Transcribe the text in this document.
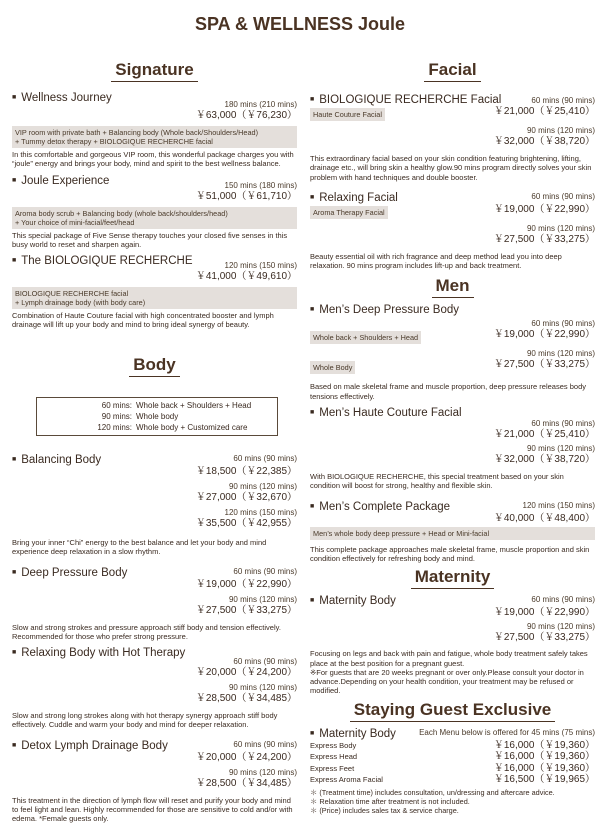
SPA & WELLNESS Joule
Signature
■ Wellness Journey
180 mins (210 mins)
￥63,000（￥76,230）
VIP room with private bath + Balancing body (Whole back/Shoulders/Head)
+ Tummy detox therapy + BIOLOGIQUE RECHERCHE facial
In this comfortable and gorgeous VIP room, this wonderful package charges you with “joule” energy and brings your body, mind and spirit to the best wellness balance.
■ Joule Experience	150 mins (180 mins)
￥51,000（￥61,710）
Aroma body scrub + Balancing body (whole back/shoulders/head)
+ Your choice of mini-facial/feet/head
This special package of Five Sense therapy touches your closed five senses in this busy world to reset and sharpen again.
■ The BIOLOGIQUE RECHERCHE	120 mins (150 mins)
￥41,000（￥49,610）
BIOLOGIQUE RECHERCHE facial
+ Lymph drainage body (with body care)
Combination of Haute Couture facial with high concentrated booster and lymph drainage will lift up your body and mind to bring ideal synergy of beauty.
Body
60 mins: Whole back + Shoulders + Head
90 mins: Whole body
120 mins: Whole body + Customized care
■ Balancing Body	60 mins (90 mins)
￥18,500（￥22,385）
90 mins (120 mins)
￥27,000（￥32,670）
120 mins (150 mins)
￥35,500（￥42,955）
Bring your inner “Chi” energy to the best balance and let your body and mind experience deep relaxation in a slow rhythm.
■ Deep Pressure Body	60 mins (90 mins)
￥19,000（￥22,990）
90 mins (120 mins)
￥27,500（￥33,275）
Slow and strong strokes and pressure approach stiff body and tension effectively. Recommended for those who prefer strong pressure.
■ Relaxing Body with Hot Therapy
60 mins (90 mins)
￥20,000（￥24,200）
90 mins (120 mins)
￥28,500（￥34,485）
Slow and strong long strokes along with hot therapy synergy approach stiff body effectively. Cuddle and warm your body and mind for deeper relaxation.
■ Detox Lymph Drainage Body	60 mins (90 mins)
￥20,000（￥24,200）
90 mins (120 mins)
￥28,500（￥34,485）
This treatment in the direction of lymph flow will reset and purify your body and mind to feel light and lean. Highly recommended for those are sensitive to cold and/or with edema. *Female guests only.
Facial
■ BIOLOGIQUE RECHERCHE Facial	60 mins (90 mins)
Haute Couture Facial	￥21,000（￥25,410）
90 mins (120 mins)
￥32,000（￥38,720）
This extraordinary facial based on your skin condition featuring brightening, lifting, drainage etc., will bring skin a healthy glow.90 mins program directly solves your skin problem with hand techniques and double booster.
■ Relaxing Facial	60 mins (90 mins)
Aroma Therapy Facial	￥19,000（￥22,990）
90 mins (120 mins)
￥27,500（￥33,275）
Beauty essential oil with rich fragrance and deep method lead you into deep relaxation. 90 mins program includes lift-up and back treatment.
Men
■ Men’s Deep Pressure Body
60 mins (90 mins)
Whole back + Shoulders + Head	￥19,000（￥22,990）
90 mins (120 mins)
Whole Body	￥27,500（￥33,275）
Based on male skeletal frame and muscle proportion, deep pressure releases body tensions effectively.
■ Men’s Haute Couture Facial
60 mins (90 mins)
￥21,000（￥25,410）
90 mins (120 mins)
￥32,000（￥38,720）
With BIOLOGIQUE RECHERCHE, this special treatment based on your skin condition will boost for strong, healthy and flexible skin.
■ Men’s Complete Package	120 mins (150 mins)
￥40,000（￥48,400）
Men’s whole body deep pressure + Head or Mini-facial
This complete package approaches male skeletal frame, muscle proportion and skin condition effectively for refreshing body and mind.
Maternity
■ Maternity Body	60 mins (90 mins)
￥19,000（￥22,990）
90 mins (120 mins)
￥27,500（￥33,275）
Focusing on legs and back with pain and fatigue, whole body treatment safely takes place at the best position for a pregnant guest.
※For guests that are 20 weeks pregnant or over only.Please consult your doctor in advance.Depending on your health condition, your treatment may be refused or modified.
Staying Guest Exclusive
■ Maternity Body	Each Menu below is offered for 45 mins (75 mins)
Express Body	￥16,000（￥19,360）
Express Head	￥16,000（￥19,360）
Express Feet	￥16,000（￥19,360）
Express Aroma Facial	￥16,500（￥19,965）
＊ (Treatment time) includes consultation, un/dressing and aftercare advice.
＊ Relaxation time after treatment is not included.
＊ (Price) includes sales tax & service charge.
